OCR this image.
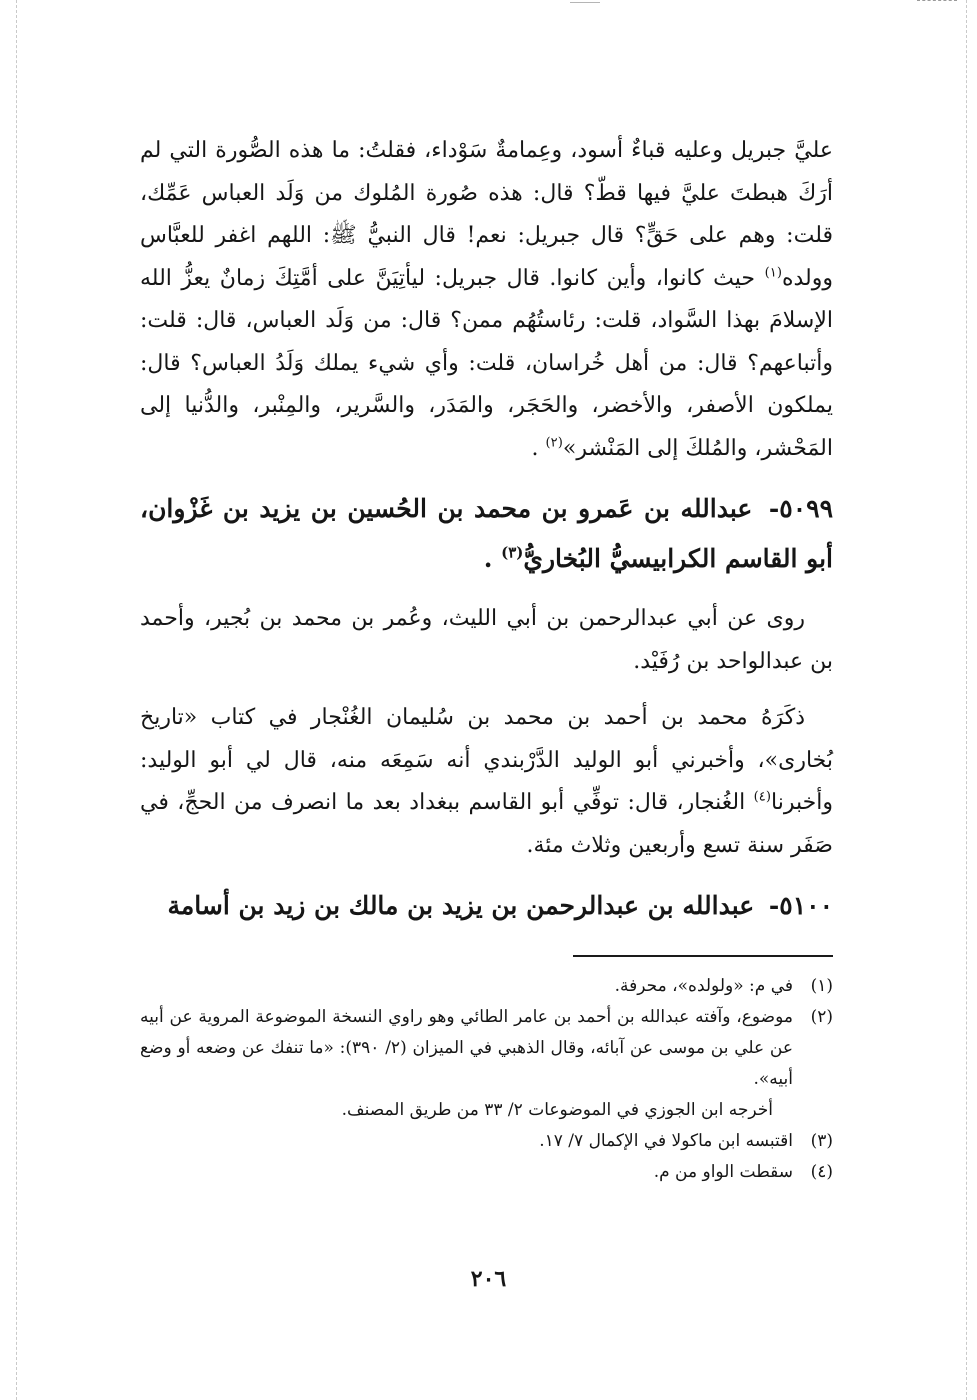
عليَّ جبريل وعليه قباءٌ أسود، وعِمامةٌ سَوْداء، فقلتُ: ما هذه الصُّورة التي لم أرَكَ هبطتَ عليَّ فيها قطّ؟ قال: هذه صُورة المُلوك من وَلَد العباس عَمِّك، قلت: وهم على حَقٍّ؟ قال جبريل: نعم! قال النبيُّ ﷺ: اللهم اغفر للعبَّاس وولده$^{(١)}$ حيث كانوا، وأين كانوا. قال جبريل: ليأتِيَنَّ على أمَّتِكَ زمانٌ يعزُّ الله الإسلامَ بهذا السَّواد، قلت: رئاستُهُم ممن؟ قال: من وَلَد العباس، قال: قلت: وأتباعهم؟ قال: من أهل خُراسان، قلت: وأي شيء يملك وَلَدُ العباس؟ قال: يملكون الأصفر، والأخضر، والحَجَر، والمَدَر، والسَّرير، والمِنْبر، والدُّنيا إلى المَحْشر، والمُلكَ إلى المَنْشر»$^{(٢)}$ .

٥٠٩٩- عبدالله بن عَمرو بن محمد بن الحُسين بن يزيد بن غَزْوان، أبو القاسم الكرابيسيُّ البُخاريُّ$^{(٣)}$ .

روى عن أبي عبدالرحمن بن أبي الليث، وعُمر بن محمد بن بُجير، وأحمد بن عبدالواحد بن رُفَيْد.

ذكَرَهُ محمد بن أحمد بن محمد بن سُليمان الغُنْجار في كتاب «تاريخ بُخارى»، وأخبرني أبو الوليد الدَّرْبندي أنه سَمِعَه منه، قال لي أبو الوليد: وأخبرنا$^{(٤)}$ الغُنجار، قال: توفِّي أبو القاسم ببغداد بعد ما انصرف من الحجِّ، في صَفَر سنة تسع وأربعين وثلاث مئة.

٥١٠٠- عبدالله بن عبدالرحمن بن يزيد بن مالك بن زيد بن أسامة
(١)
في م: «ولولده»، محرفة.
(٢)
موضوع، وآفته عبدالله بن أحمد بن عامر الطائي وهو راوي النسخة الموضوعة المروية عن أبيه عن علي بن موسى عن آبائه، وقال الذهبي في الميزان (٢/ ٣٩٠): «ما تنفك عن وضعه أو وضع أبيه».
أخرجه ابن الجوزي في الموضوعات ٢/ ٣٣ من طريق المصنف.
(٣)
اقتبسه ابن ماكولا في الإكمال ٧/ ١٧.
(٤)
سقطت الواو من م.
٢٠٦
